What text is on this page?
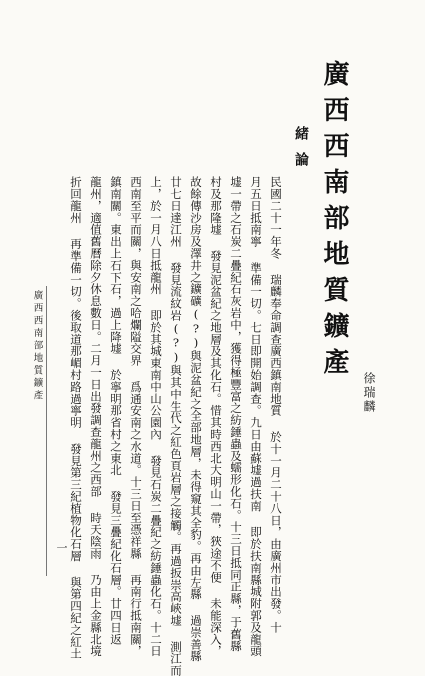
廣西西南部地質鑛產
徐瑞麟
緒論
民國二十一年冬 瑞麟奉命調查廣西鎮南地質 於十一月二十八日，由廣州市出發。十
月五日抵南寧 準備一切。七日即開始調查。九日由蘇墟過扶南 即於扶南縣城附郭及龍頭
墟一帶之石炭二疊紀石灰岩中，獲得極豐富之紡錘蟲及蠕形化石。十三日抵同正縣，于舊縣
村及那隆墟 發見泥盆紀之地層及其化石。惜其時西北大明山一帶，狹途不便 未能深入，
故餘傳沙房及澤井之鑛礦(?)與泥盆紀之全部地層，未得窺其全豹。再由左縣 過崇善縣
廿七日達江州 發見流紋岩(?)與其中生代之紅色頁岩層之接觸。再過扳崇高峽墟 測江而
上，於一月八日抵龍州 即於其城東南中山公園內 發見石炭二疊紀之紡錘蟲化石。十二日
西南至平而關，與安南之哈爛隘交界 爲通安南之水道。十三日至憑祥縣 再南行抵南關，
鎮南關。東出上石下石，過上降墟 於寧明那省村之東北 發見三疊紀化石層。廿四日返
龍州，適值舊曆除夕休息數日。二月一日出發調查龍州之西部 時天陰雨 乃由上金縣北境
折回龍州 再準備一切。後取道那嵋村路過寧明 發見第三紀植物化石層 與第四紀之紅土
廣西西南部地質鑛產
一
